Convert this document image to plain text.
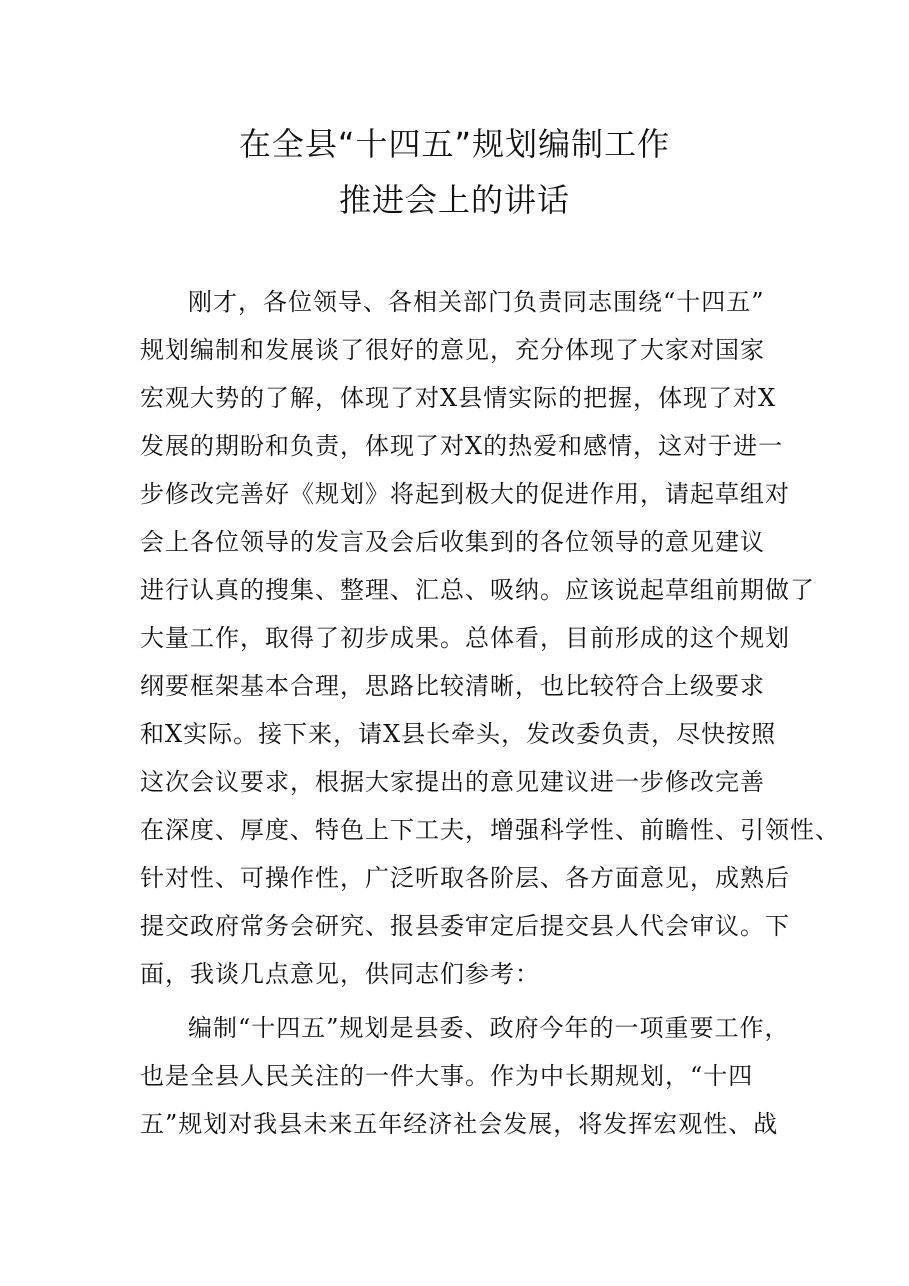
在全县“十四五”规划编制工作
推进会上的讲话
刚才，各位领导、各相关部门负责同志围绕“十四五”
规划编制和发展谈了很好的意见，充分体现了大家对国家
宏观大势的了解，体现了对X县情实际的把握，体现了对X
发展的期盼和负责，体现了对X的热爱和感情，这对于进一
步修改完善好《规划》将起到极大的促进作用，请起草组对
会上各位领导的发言及会后收集到的各位领导的意见建议
进行认真的搜集、整理、汇总、吸纳。应该说起草组前期做了
大量工作，取得了初步成果。总体看，目前形成的这个规划
纲要框架基本合理，思路比较清晰，也比较符合上级要求
和X实际。接下来，请X县长牵头，发改委负责，尽快按照
这次会议要求，根据大家提出的意见建议进一步修改完善
在深度、厚度、特色上下工夫，增强科学性、前瞻性、引领性、
针对性、可操作性，广泛听取各阶层、各方面意见，成熟后
提交政府常务会研究、报县委审定后提交县人代会审议。下
面，我谈几点意见，供同志们参考：
编制“十四五”规划是县委、政府今年的一项重要工作，
也是全县人民关注的一件大事。作为中长期规划，“十四
五”规划对我县未来五年经济社会发展，将发挥宏观性、战
